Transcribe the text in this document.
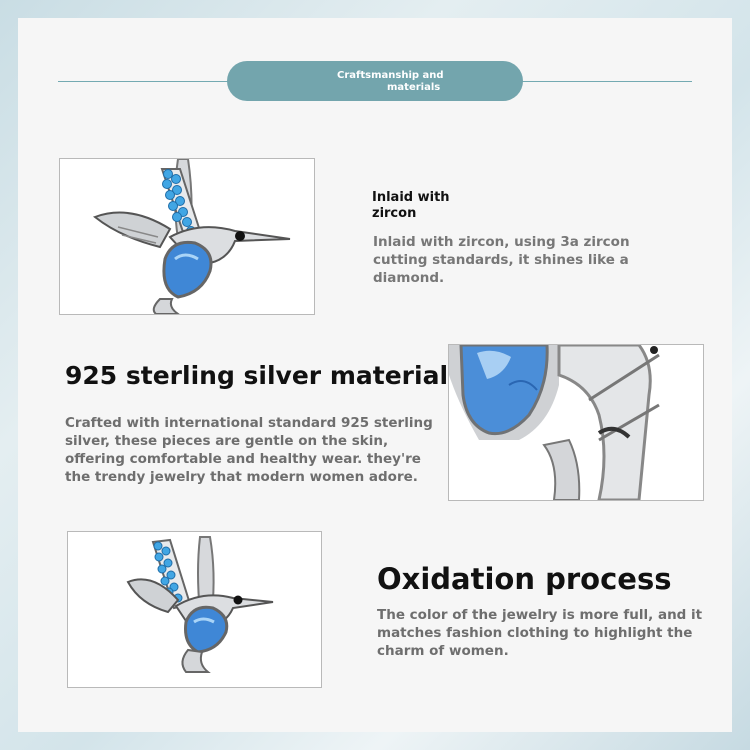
Craftsmanship and
materials
Inlaid with zircon
Inlaid with zircon, using 3a zircon cutting standards, it shines like a diamond.
925 sterling silver material
Crafted with international standard 925 sterling silver, these pieces are gentle on the skin, offering comfortable and healthy wear. they're the trendy jewelry that modern women adore.
Oxidation process
The color of the jewelry is more full, and it matches fashion clothing to highlight the charm of women.
